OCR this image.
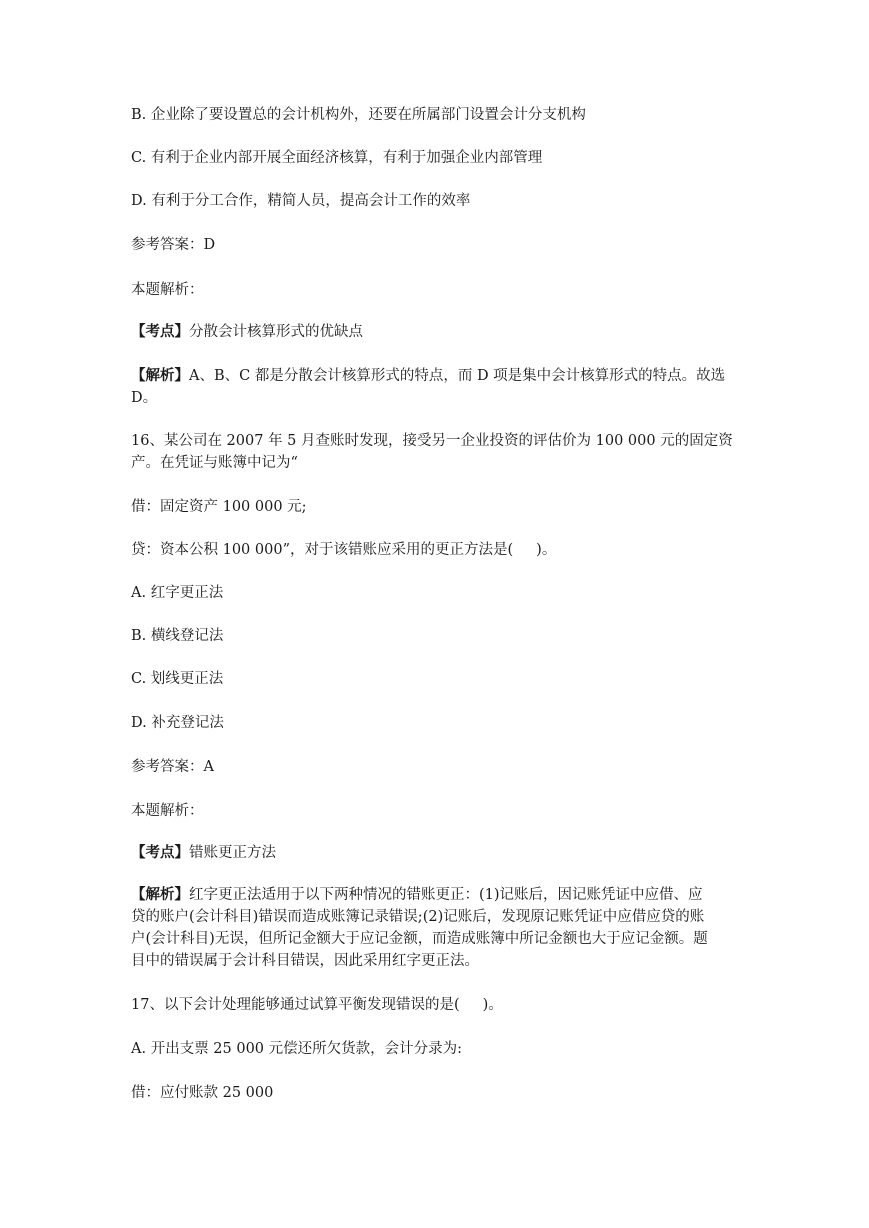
B. 企业除了要设置总的会计机构外，还要在所属部门设置会计分支机构
C. 有利于企业内部开展全面经济核算，有利于加强企业内部管理
D. 有利于分工合作，精简人员，提高会计工作的效率
参考答案：D
本题解析：
【考点】分散会计核算形式的优缺点
【解析】A、B、C 都是分散会计核算形式的特点，而 D 项是集中会计核算形式的特点。故选
D。
16、某公司在 2007 年 5 月查账时发现，接受另一企业投资的评估价为 100 000 元的固定资
产。在凭证与账簿中记为“
借：固定资产 100 000 元;
贷：资本公积 100 000”，对于该错账应采用的更正方法是(     )。
A. 红字更正法
B. 横线登记法
C. 划线更正法
D. 补充登记法
参考答案：A
本题解析：
【考点】错账更正方法
【解析】红字更正法适用于以下两种情况的错账更正：(1)记账后，因记账凭证中应借、应
贷的账户(会计科目)错误而造成账簿记录错误;(2)记账后，发现原记账凭证中应借应贷的账
户(会计科目)无误，但所记金额大于应记金额，而造成账簿中所记金额也大于应记金额。题
目中的错误属于会计科目错误，因此采用红字更正法。
17、以下会计处理能够通过试算平衡发现错误的是(     )。
A. 开出支票 25 000 元偿还所欠货款，会计分录为:
借：应付账款 25 000
